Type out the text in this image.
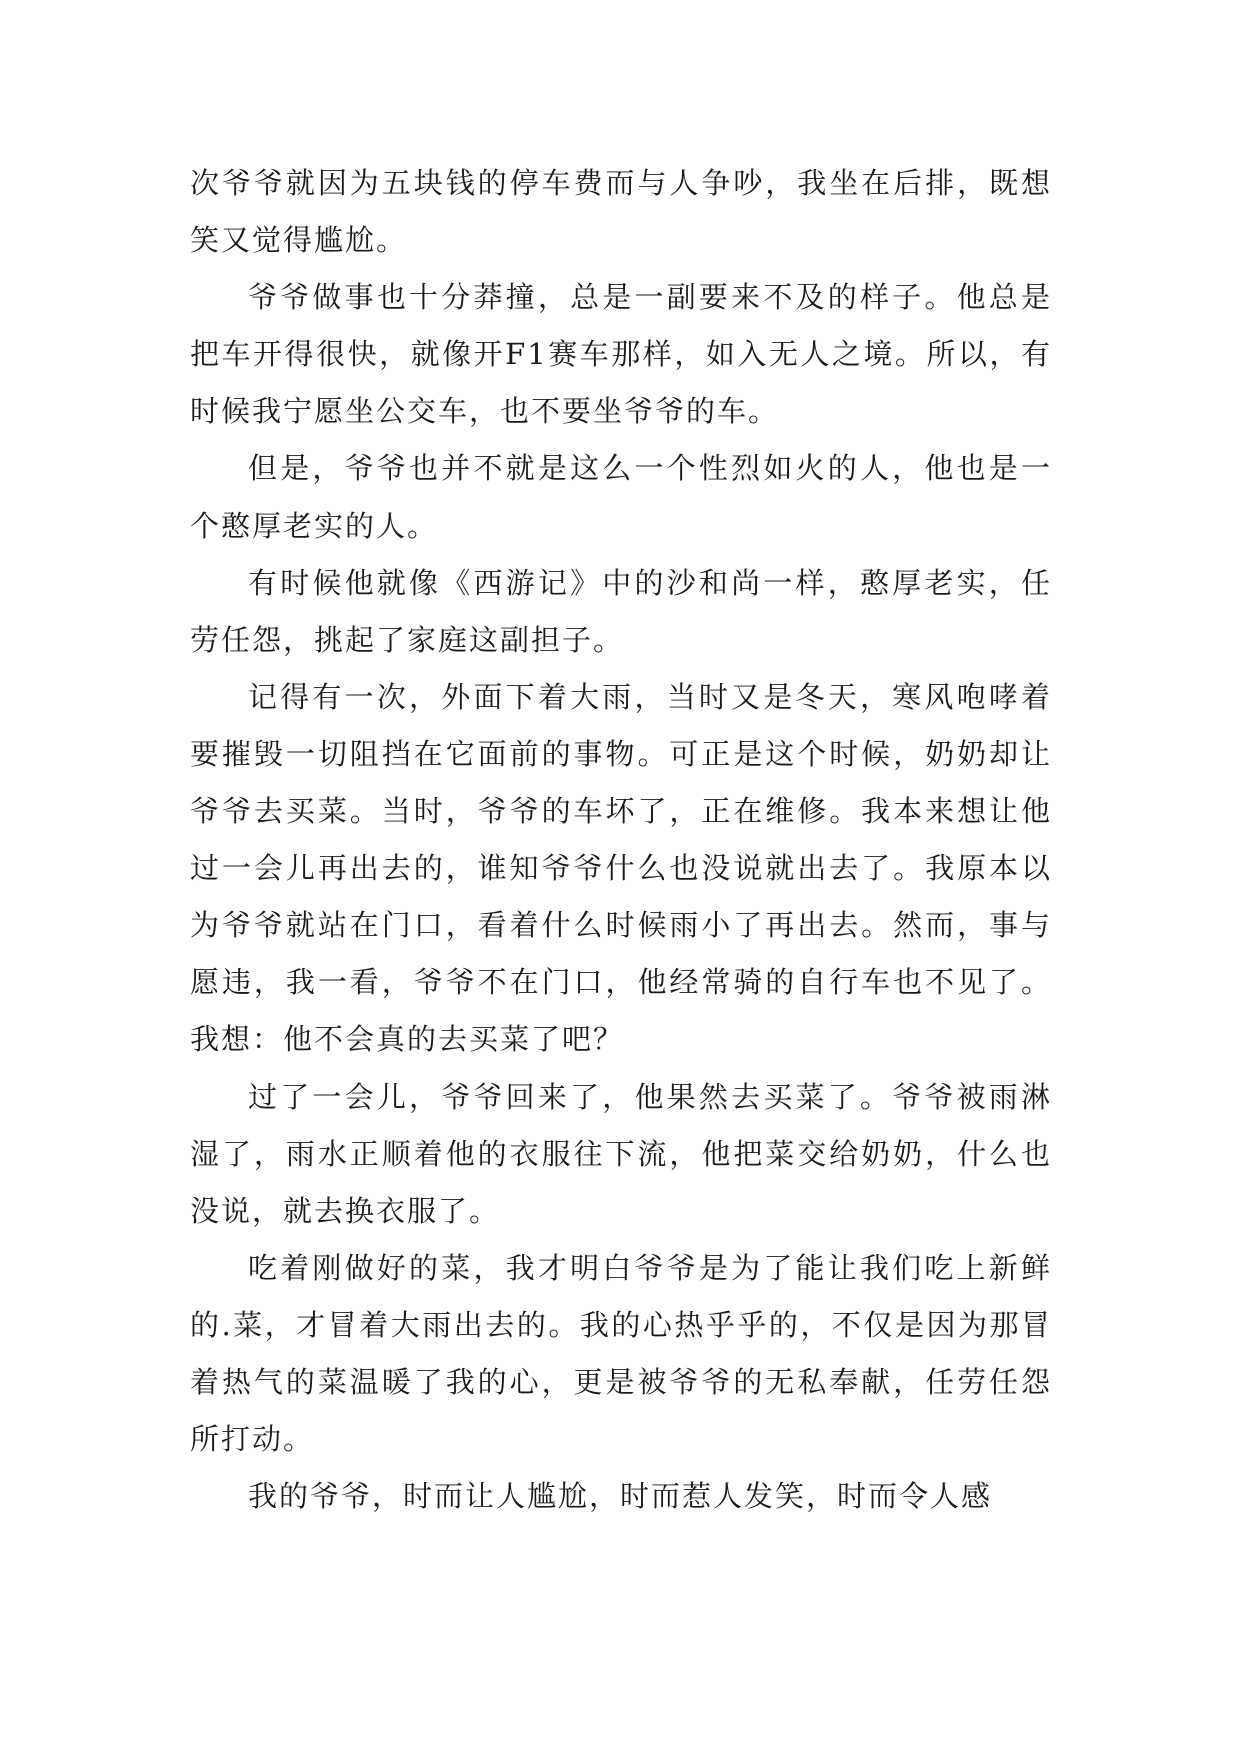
次爷爷就因为五块钱的停车费而与人争吵，我坐在后排，既想笑又觉得尴尬。

爷爷做事也十分莽撞，总是一副要来不及的样子。他总是把车开得很快，就像开F1赛车那样，如入无人之境。所以，有时候我宁愿坐公交车，也不要坐爷爷的车。

但是，爷爷也并不就是这么一个性烈如火的人，他也是一个憨厚老实的人。

有时候他就像《西游记》中的沙和尚一样，憨厚老实，任劳任怨，挑起了家庭这副担子。

记得有一次，外面下着大雨，当时又是冬天，寒风咆哮着要摧毁一切阻挡在它面前的事物。可正是这个时候，奶奶却让爷爷去买菜。当时，爷爷的车坏了，正在维修。我本来想让他过一会儿再出去的，谁知爷爷什么也没说就出去了。我原本以为爷爷就站在门口，看着什么时候雨小了再出去。然而，事与愿违，我一看，爷爷不在门口，他经常骑的自行车也不见了。我想：他不会真的去买菜了吧？

过了一会儿，爷爷回来了，他果然去买菜了。爷爷被雨淋湿了，雨水正顺着他的衣服往下流，他把菜交给奶奶，什么也没说，就去换衣服了。

吃着刚做好的菜，我才明白爷爷是为了能让我们吃上新鲜的.菜，才冒着大雨出去的。我的心热乎乎的，不仅是因为那冒着热气的菜温暖了我的心，更是被爷爷的无私奉献，任劳任怨所打动。

我的爷爷，时而让人尴尬，时而惹人发笑，时而令人感
